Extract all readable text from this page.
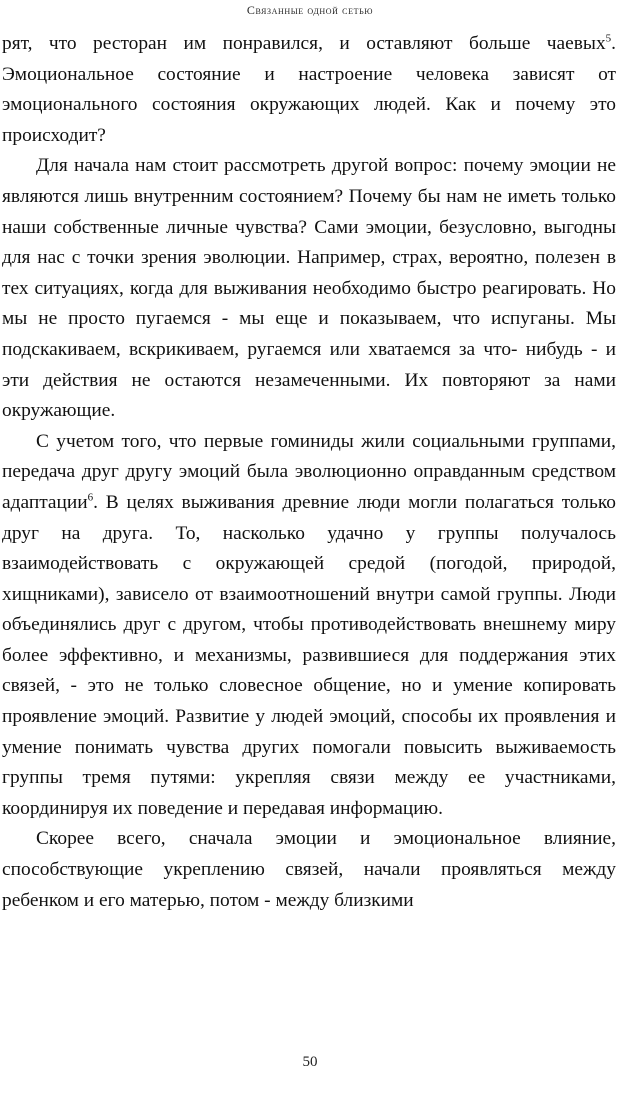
Связанные одной сетью

рят, что ресторан им понравился, и оставляют больше чаевых$^5$. Эмоциональное состояние и настроение человека зависят от эмоционального состояния окружающих людей. Как и почему это происходит?

Для начала нам стоит рассмотреть другой вопрос: почему эмоции не являются лишь внутренним состоянием? Почему бы нам не иметь только наши собственные личные чувства? Сами эмоции, безусловно, выгодны для нас с точки зрения эволюции. Например, страх, вероятно, полезен в тех ситуациях, когда для выживания необходимо быстро реагировать. Но мы не просто пугаемся - мы еще и показываем, что испуганы. Мы подскакиваем, вскрикиваем, ругаемся или хватаемся за что- нибудь - и эти действия не остаются незамеченными. Их повторяют за нами окружающие.

С учетом того, что первые гоминиды жили социальными группами, передача друг другу эмоций была эволюционно оправданным средством адаптации$^6$. В целях выживания древние люди могли полагаться только друг на друга. То, насколько удачно у группы получалось взаимодействовать с окружающей средой (погодой, природой, хищниками), зависело от взаимоотношений внутри самой группы. Люди объединялись друг с другом, чтобы противодействовать внешнему миру более эффективно, и механизмы, развившиеся для поддержания этих связей, - это не только словесное общение, но и умение копировать проявление эмоций. Развитие у людей эмоций, способы их проявления и умение понимать чувства других помогали повысить выживаемость группы тремя путями: укрепляя связи между ее участниками, координируя их поведение и передавая информацию.

Скорее всего, сначала эмоции и эмоциональное влияние, способствующие укреплению связей, начали проявляться между ребенком и его матерью, потом - между близкими

50
